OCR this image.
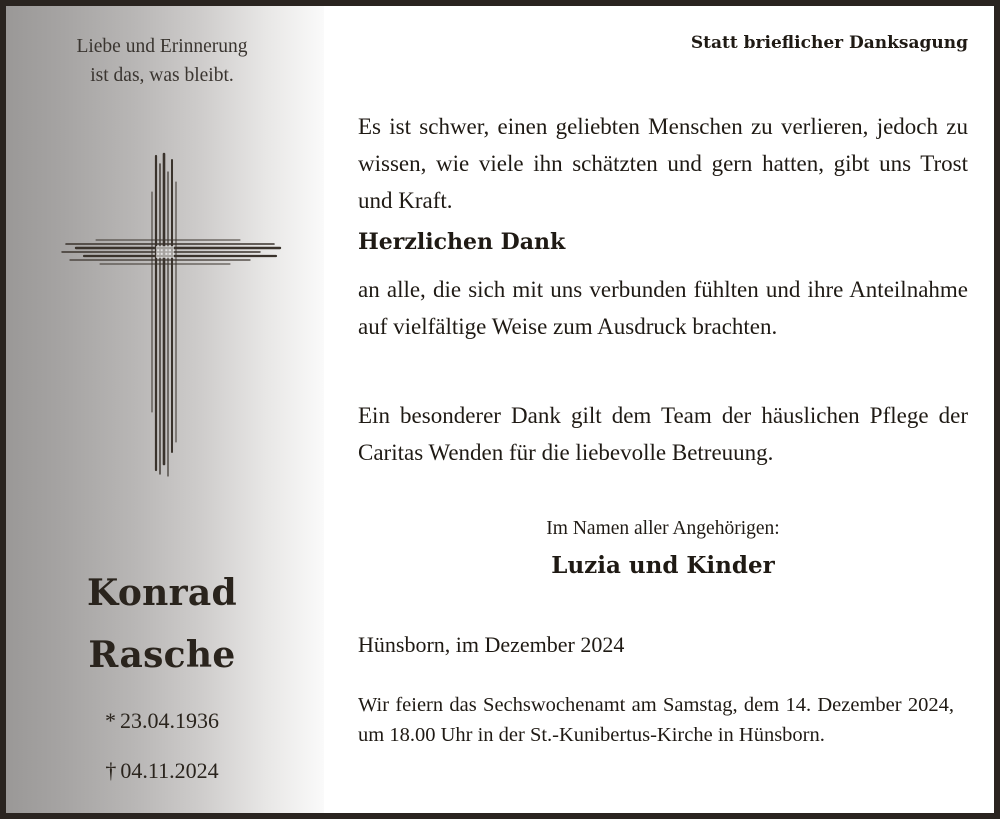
Liebe und Erinnerung
ist das, was bleibt.
Konrad
Rasche
* 23.04.1936
† 04.11.2024
Statt brieflicher Danksagung
Es ist schwer, einen geliebten Menschen zu verlieren, jedoch zu wissen, wie viele ihn schätzten und gern hatten, gibt uns Trost und Kraft.
Herzlichen Dank
an alle, die sich mit uns verbunden fühlten und ihre Anteilnahme auf vielfältige Weise zum Ausdruck brachten.
Ein besonderer Dank gilt dem Team der häuslichen Pflege der Caritas Wenden für die liebevolle Betreuung.
Im Namen aller Angehörigen:
Luzia und Kinder
Hünsborn, im Dezember 2024
Wir feiern das Sechswochenamt am Samstag, dem 14. Dezember 2024, um 18.00 Uhr in der St.-Kunibertus-Kirche in Hünsborn.
